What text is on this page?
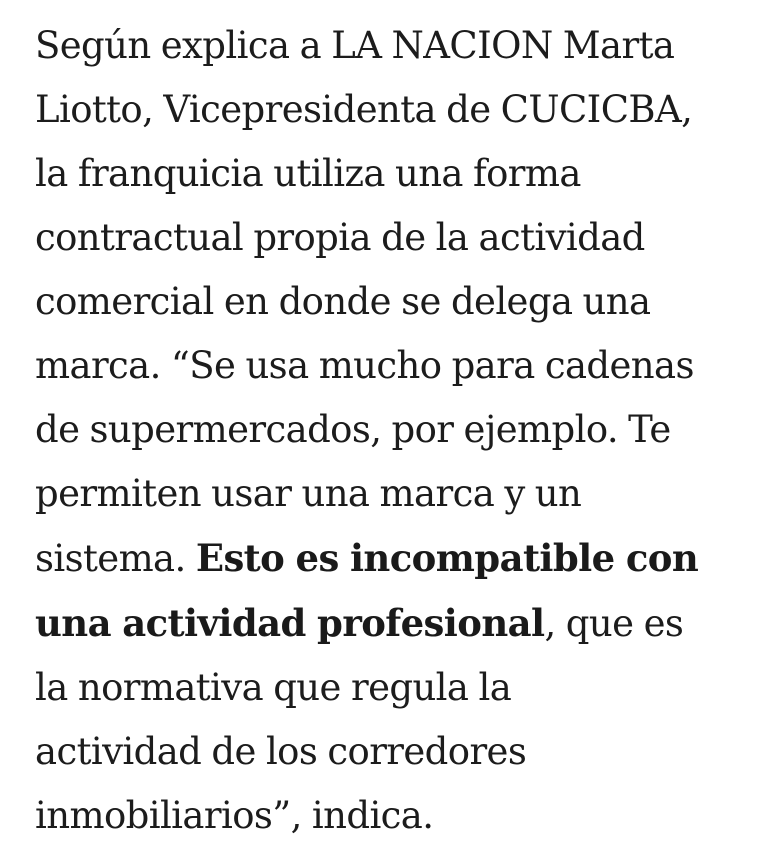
Según explica a LA NACION Marta
Liotto, Vicepresidenta de CUCICBA,
la franquicia utiliza una forma
contractual propia de la actividad
comercial en donde se delega una
marca. “Se usa mucho para cadenas
de supermercados, por ejemplo. Te
permiten usar una marca y un
sistema. Esto es incompatible con
una actividad profesional, que es
la normativa que regula la
actividad de los corredores
inmobiliarios”, indica.
